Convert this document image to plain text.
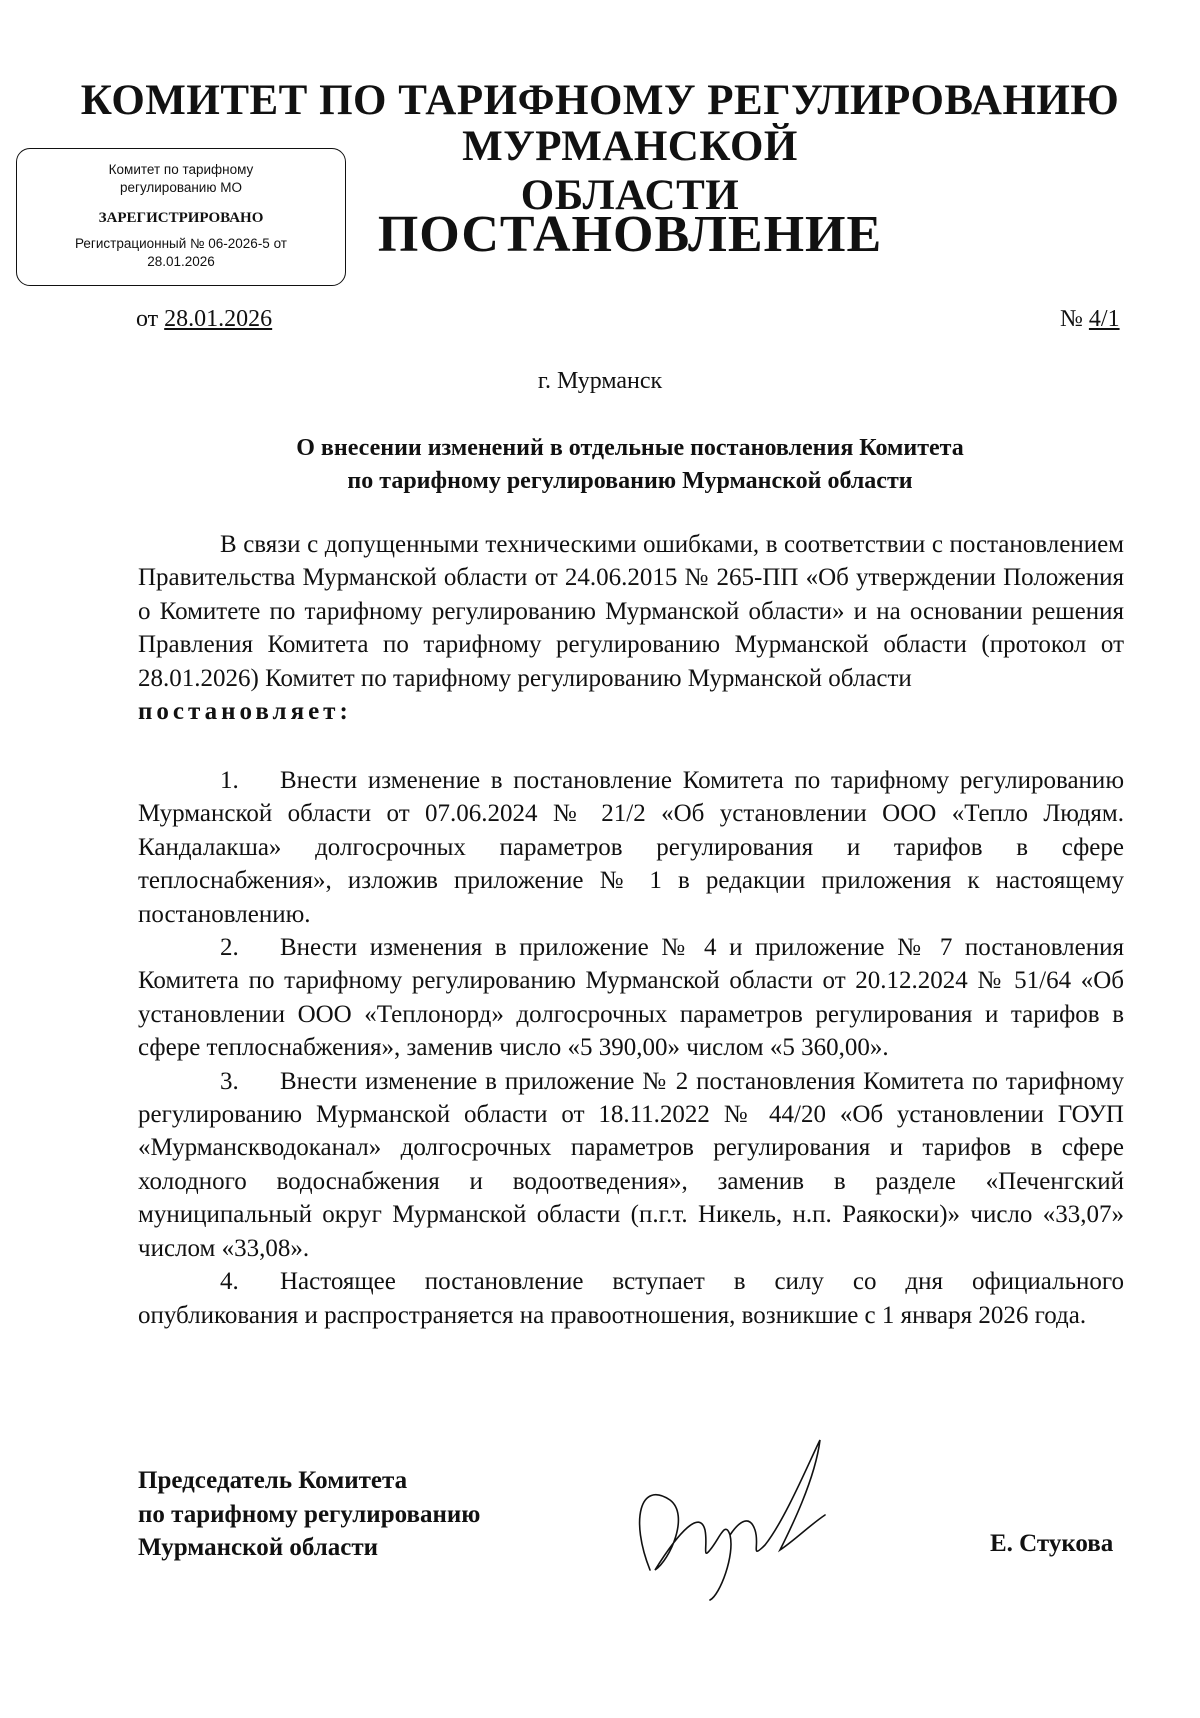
КОМИТЕТ ПО ТАРИФНОМУ РЕГУЛИРОВАНИЮ
МУРМАНСКОЙ ОБЛАСТИ
Комитет по тарифному регулированию МО
ЗАРЕГИСТРИРОВАНО
Регистрационный № 06-2026-5 от 28.01.2026	ПОСТАНОВЛЕНИЕ
от 28.01.2026	№ 4/1
г. Мурманск
О внесении изменений в отдельные постановления Комитета
по тарифному регулированию Мурманской области

В связи с допущенными техническими ошибками, в соответствии с постановлением Правительства Мурманской области от 24.06.2015 № 265-ПП «Об утверждении Положения о Комитете по тарифному регулированию Мурманской области» и на основании решения Правления Комитета по тарифному регулированию Мурманской области (протокол от 28.01.2026) Комитет по тарифному регулированию Мурманской области

постановляет:

1. Внести изменение в постановление Комитета по тарифному регулированию Мурманской области от 07.06.2024 № 21/2 «Об установлении ООО «Тепло Людям. Кандалакша» долгосрочных параметров регулирования и тарифов в сфере теплоснабжения», изложив приложение № 1 в редакции приложения к настоящему постановлению.

2. Внести изменения в приложение № 4 и приложение № 7 постановления Комитета по тарифному регулированию Мурманской области от 20.12.2024 № 51/64 «Об установлении ООО «Теплонорд» долгосрочных параметров регулирования и тарифов в сфере теплоснабжения», заменив число «5 390,00» числом «5 360,00».

3. Внести изменение в приложение № 2 постановления Комитета по тарифному регулированию Мурманской области от 18.11.2022 № 44/20 «Об установлении ГОУП «Мурманскводоканал» долгосрочных параметров регулирования и тарифов в сфере холодного водоснабжения и водоотведения», заменив в разделе «Печенгский муниципальный округ Мурманской области (п.г.т. Никель, н.п. Раякоски)» число «33,07» числом «33,08».

4. Настоящее постановление вступает в силу со дня официального опубликования и распространяется на правоотношения, возникшие с 1 января 2026 года.

Председатель Комитета
по тарифному регулированию
Мурманской области	Е. Стукова
